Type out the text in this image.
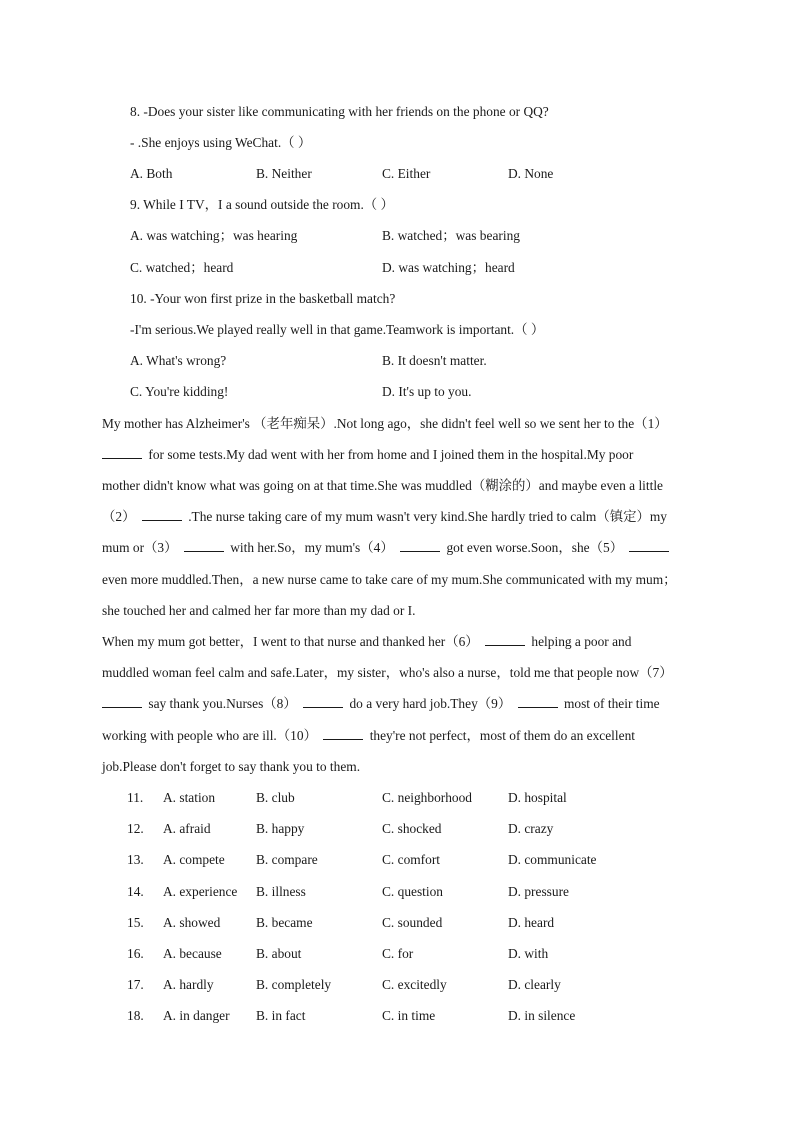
8. -Does your sister like communicating with her friends on the phone or QQ?
- .She enjoys using WeChat.（ ）
A. Both	B. Neither	C. Either	D. None
9. While I TV，I a sound outside the room.（ ）
A. was watching；was hearing	B. watched；was bearing
C. watched；heard	D. was watching；heard
10. -Your won first prize in the basketball match?
-I'm serious.We played really well in that game.Teamwork is important.（ ）
A. What's wrong?	B. It doesn't matter.
C. You're kidding!	D. It's up to you.
My mother has Alzheimer's （老年痴呆）.Not long ago，she didn't feel well so we sent her to the（1）
for some tests.My dad went with her from home and I joined them in the hospital.My poor
mother didn't know what was going on at that time.She was muddled（糊涂的）and maybe even a little
（2）	.The nurse taking care of my mum wasn't very kind.She hardly tried to calm（镇定）my
mum or（3）	with her.So，my mum's（4）	got even worse.Soon，she（5）
even more muddled.Then，a new nurse came to take care of my mum.She communicated with my mum；
she touched her and calmed her far more than my dad or I.
When my mum got better，I went to that nurse and thanked her（6）	helping a poor and
muddled woman feel calm and safe.Later，my sister，who's also a nurse，told me that people now（7）
say thank you.Nurses（8）	do a very hard job.They（9）	most of their time
working with people who are ill.（10）	they're not perfect，most of them do an excellent
job.Please don't forget to say thank you to them.
11. A. station	B. club	C. neighborhood	D. hospital
12. A. afraid	B. happy	C. shocked	D. crazy
13. A. compete B. compare	C. comfort	D. communicate
14. A. experience B. illness	C. question	D. pressure
15. A. showed	B. became	C. sounded	D. heard
16. A. because	B. about	C. for	D. with
17. A. hardly	B. completely	C. excitedly	D. clearly
18. A. in danger B. in fact	C. in time	D. in silence
